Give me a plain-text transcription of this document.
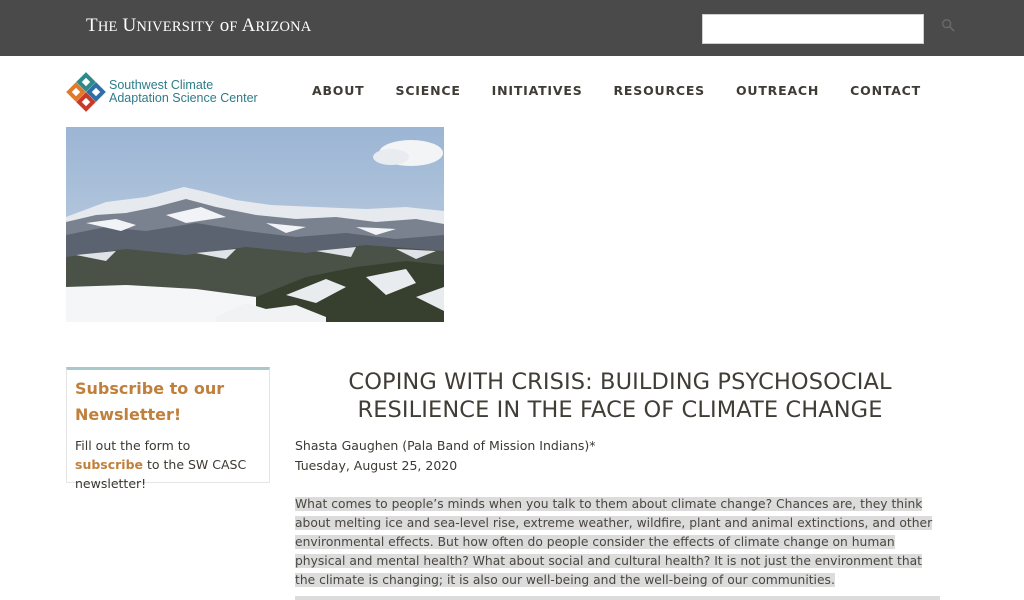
THE UNIVERSITY oF ARIZONA
Southwest Climate
Adaptation Science Center	ABOUT SCIENCE INITIATIVES RESOURCES OUTREACH CONTACT
Subscribe to our Newsletter!
Fill out the form to subscribe to the SW CASC newsletter!
COPING WITH CRISIS: BUILDING PSYCHOSOCIAL RESILIENCE IN THE FACE OF CLIMATE CHANGE
Shasta Gaughen (Pala Band of Mission Indians)*
Tuesday, August 25, 2020

What comes to people’s minds when you talk to them about climate change? Chances are, they think about melting ice and sea-level rise, extreme weather, wildfire, plant and animal extinctions, and other environmental effects. But how often do people consider the effects of climate change on human physical and mental health? What about social and cultural health? It is not just the environment that the climate is changing; it is also our well-being and the well-being of our communities.
